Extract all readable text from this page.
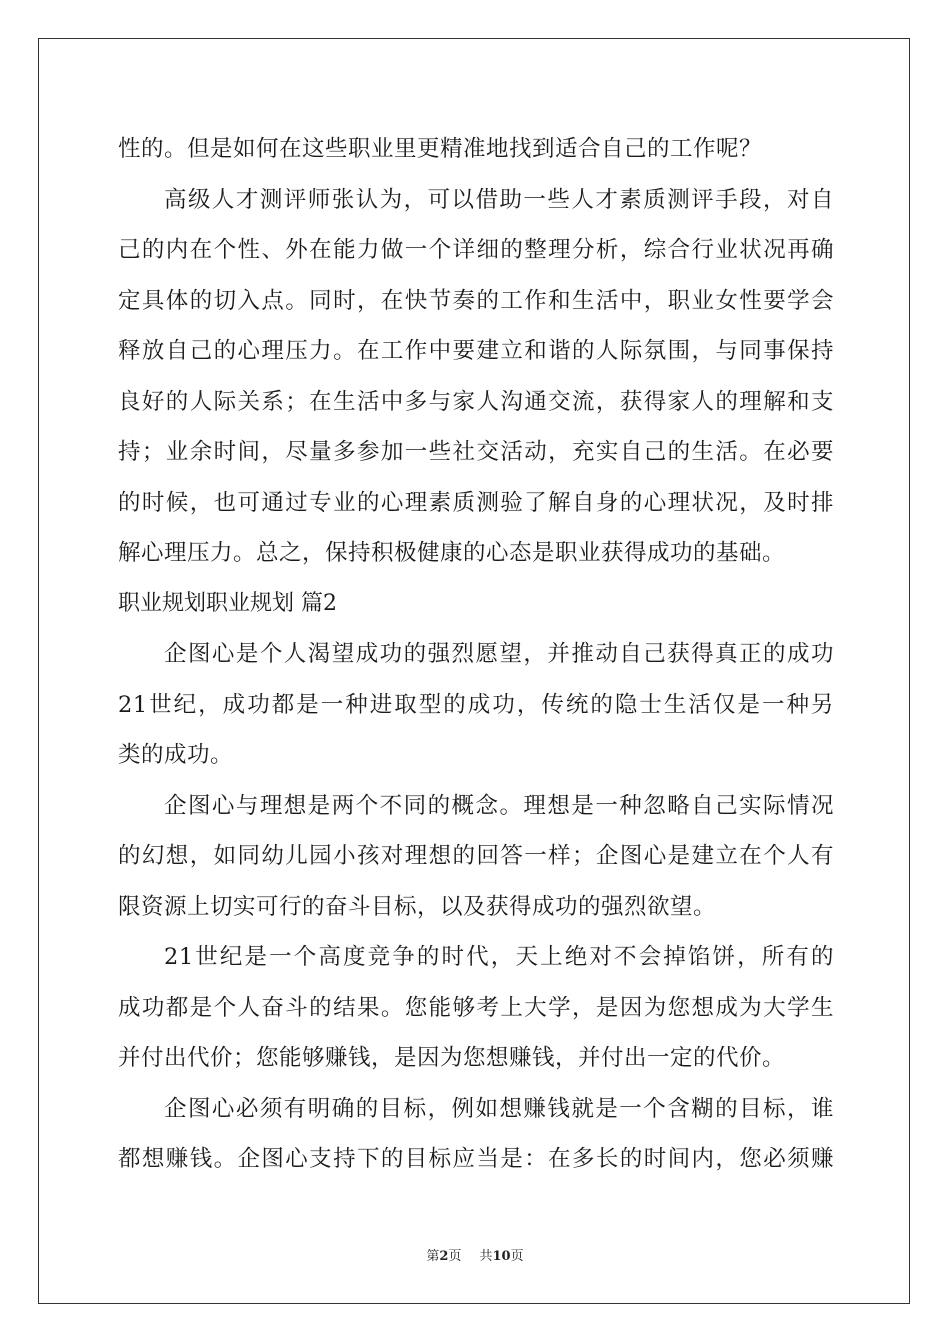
性的。但是如何在这些职业里更精准地找到适合自己的工作呢？
高级人才测评师张认为，可以借助一些人才素质测评手段，对自
己的内在个性、外在能力做一个详细的整理分析，综合行业状况再确
定具体的切入点。同时，在快节奏的工作和生活中，职业女性要学会
释放自己的心理压力。在工作中要建立和谐的人际氛围，与同事保持
良好的人际关系；在生活中多与家人沟通交流，获得家人的理解和支
持；业余时间，尽量多参加一些社交活动，充实自己的生活。在必要
的时候，也可通过专业的心理素质测验了解自身的心理状况，及时排
解心理压力。总之，保持积极健康的心态是职业获得成功的基础。
职业规划职业规划 篇2
企图心是个人渴望成功的强烈愿望，并推动自己获得真正的成功
21世纪，成功都是一种进取型的成功，传统的隐士生活仅是一种另
类的成功。
企图心与理想是两个不同的概念。理想是一种忽略自己实际情况
的幻想，如同幼儿园小孩对理想的回答一样；企图心是建立在个人有
限资源上切实可行的奋斗目标，以及获得成功的强烈欲望。
21世纪是一个高度竞争的时代，天上绝对不会掉馅饼，所有的
成功都是个人奋斗的结果。您能够考上大学，是因为您想成为大学生
并付出代价；您能够赚钱，是因为您想赚钱，并付出一定的代价。
企图心必须有明确的目标，例如想赚钱就是一个含糊的目标，谁
都想赚钱。企图心支持下的目标应当是：在多长的时间内，您必须赚
第2页 共10页
